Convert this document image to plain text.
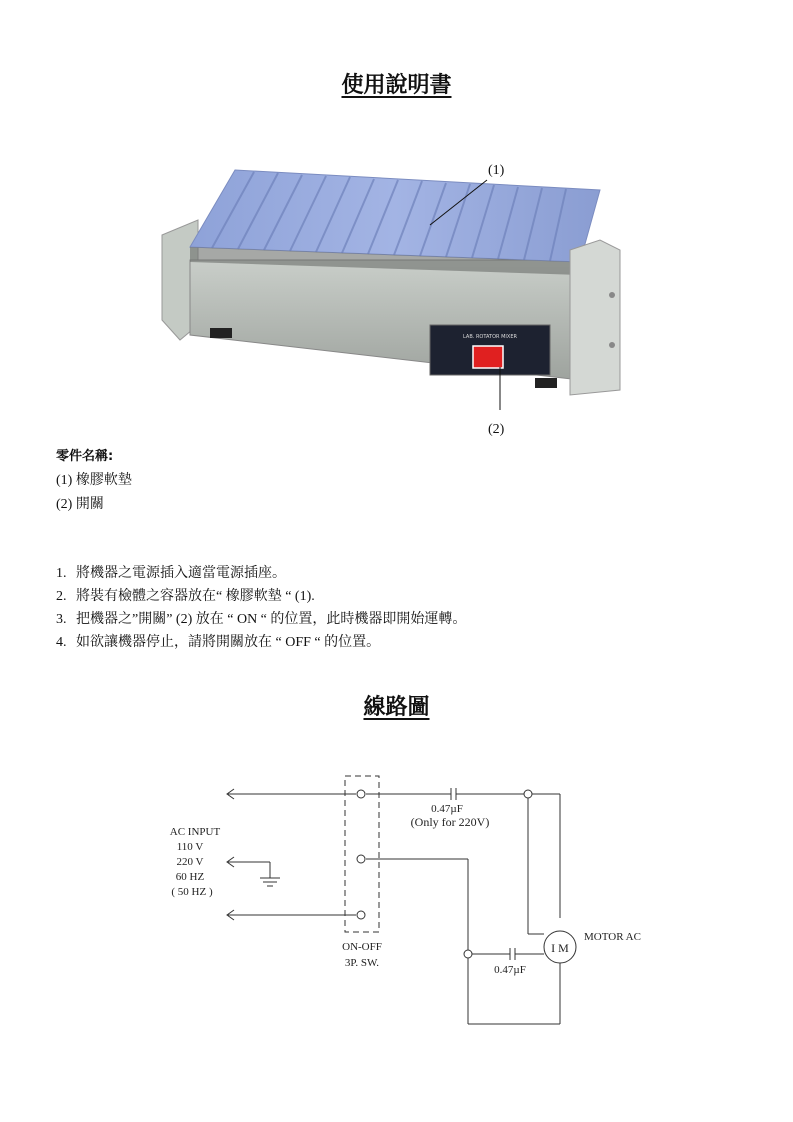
使用說明書
LAB. ROTATOR MIXER
(1)
(2)
零件名稱:
(1) 橡膠軟墊
(2) 開關
1. 將機器之電源插入適當電源插座。
2. 將裝有檢體之容器放在“ 橡膠軟墊 “ (1).
3. 把機器之”開關” (2) 放在 “ ON “ 的位置，此時機器即開始運轉。
4. 如欲讓機器停止，請將開關放在 “ OFF “ 的位置。
線路圖
I M
AC INPUT
110 V
220 V
60 HZ
( 50 HZ )
0.47µF
(Only for 220V)
ON-OFF
3P. SW.
0.47µF
MOTOR AC
